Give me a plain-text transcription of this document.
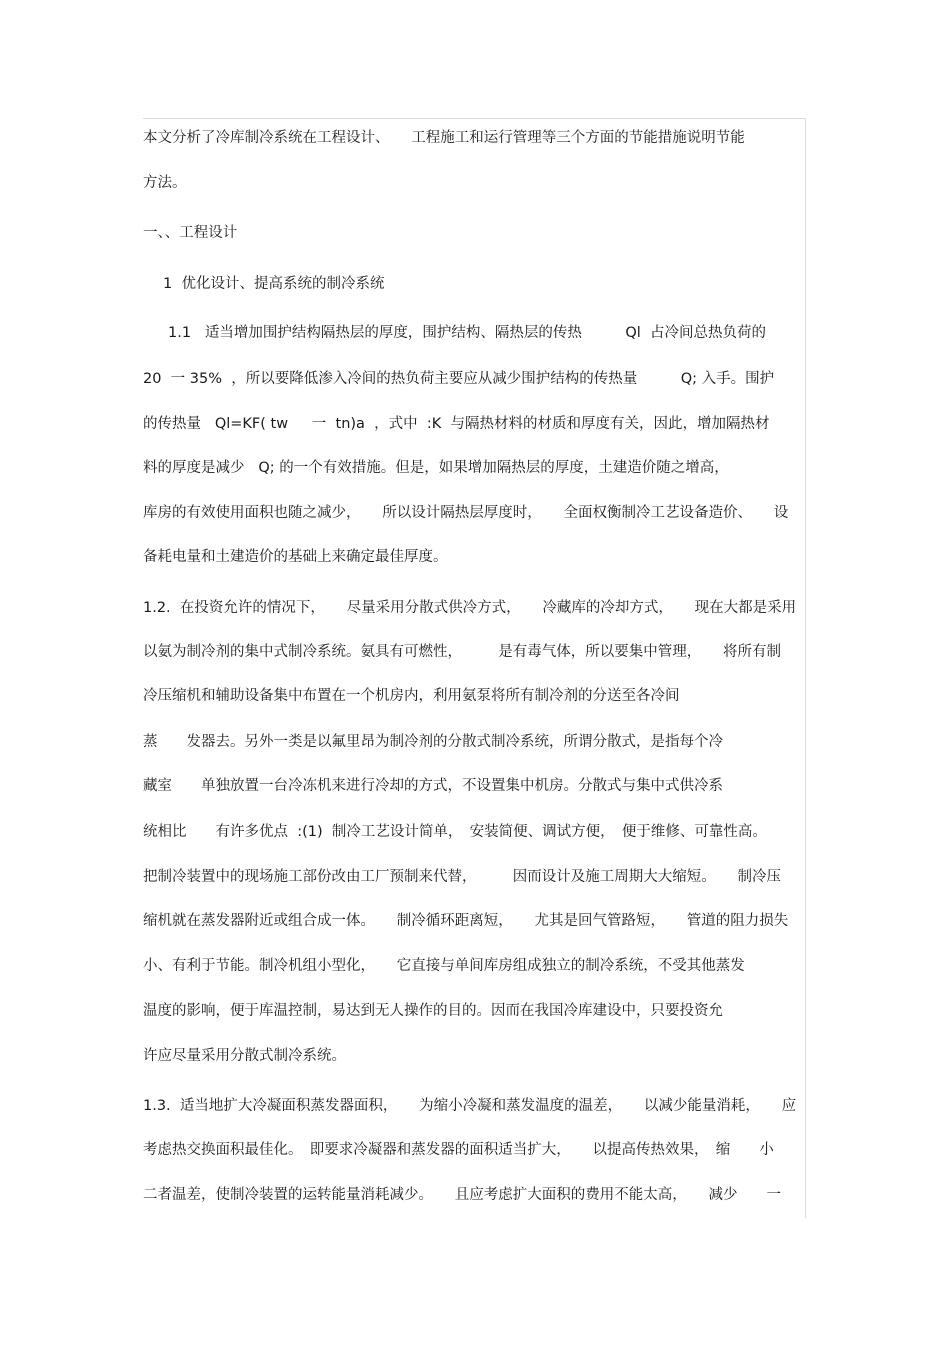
本文分析了冷库制冷系统在工程设计、　　工程施工和运行管理等三个方面的节能措施说明节能

方法。

一、、工程设计

1  优化设计、提高系统的制冷系统

1.1   适当增加围护结构隔热层的厚度，围护结构、隔热层的传热　　　Ql  占冷间总热负荷的

20  一 35%  ，所以要降低渗入冷间的热负荷主要应从减少围护结构的传热量　　　Q; 入手。围护

的传热量   Ql=KF( tw 　 一  tn)a  ，式中  :K  与隔热材料的材质和厚度有关，因此，增加隔热材

料的厚度是减少   Q; 的一个有效措施。但是，如果增加隔热层的厚度，土建造价随之增高，

库房的有效使用面积也随之减少，　　所以设计隔热层厚度时，　　全面权衡制冷工艺设备造价、　　设

备耗电量和土建造价的基础上来确定最佳厚度。

1.2.  在投资允许的情况下，　　尽量采用分散式供冷方式，　　冷藏库的冷却方式，　　现在大都是采用

以氨为制冷剂的集中式制冷系统。氨具有可燃性，　　　是有毒气体，所以要集中管理，　　将所有制

冷压缩机和辅助设备集中布置在一个机房内，利用氨泵将所有制冷剂的分送至各冷间

蒸　　发器去。另外一类是以氟里昂为制冷剂的分散式制冷系统，所谓分散式，是指每个冷

藏室　　单独放置一台冷冻机来进行冷却的方式，不设置集中机房。分散式与集中式供冷系

统相比　　有许多优点  :(1)  制冷工艺设计简单，　安装简便、调试方便，　便于维修、可靠性高。

把制冷装置中的现场施工部份改由工厂预制来代替，　　　因而设计及施工周期大大缩短。　　制冷压

缩机就在蒸发器附近或组合成一体。　　制冷循环距离短，　　尤其是回气管路短，　　管道的阻力损失

小、有利于节能。制冷机组小型化，　　它直接与单间库房组成独立的制冷系统，不受其他蒸发

温度的影响，便于库温控制，易达到无人操作的目的。因而在我国冷库建设中，只要投资允

许应尽量采用分散式制冷系统。

1.3.  适当地扩大冷凝面积蒸发器面积，　　为缩小冷凝和蒸发温度的温差，　　以减少能量消耗，　　应

考虑热交换面积最佳化。　即要求冷凝器和蒸发器的面积适当扩大，　　以提高传热效果，　缩　　小

二者温差，使制冷装置的运转能量消耗减少。　　且应考虑扩大面积的费用不能太高，　　减少　　一
